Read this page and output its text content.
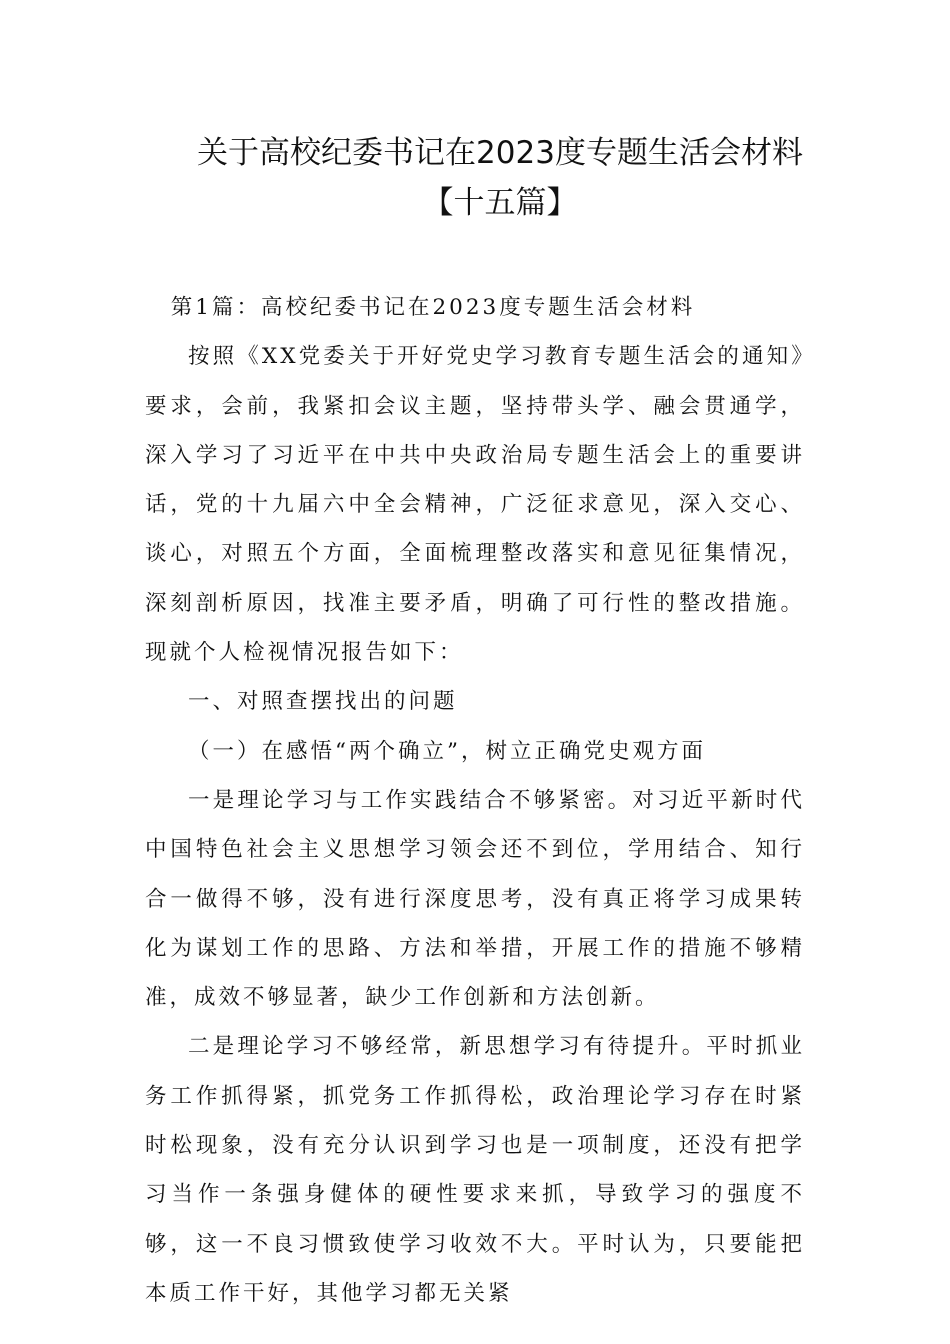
关于高校纪委书记在2023度专题生活会材料【十五篇】

第1篇：高校纪委书记在2023度专题生活会材料

按照《XX党委关于开好党史学习教育专题生活会的通知》要求，会前，我紧扣会议主题，坚持带头学、融会贯通学，深入学习了习近平在中共中央政治局专题生活会上的重要讲话，党的十九届六中全会精神，广泛征求意见，深入交心、谈心，对照五个方面，全面梳理整改落实和意见征集情况，深刻剖析原因，找准主要矛盾，明确了可行性的整改措施。现就个人检视情况报告如下：

一、对照查摆找出的问题

（一）在感悟“两个确立”，树立正确党史观方面

一是理论学习与工作实践结合不够紧密。对习近平新时代中国特色社会主义思想学习领会还不到位，学用结合、知行合一做得不够，没有进行深度思考，没有真正将学习成果转化为谋划工作的思路、方法和举措，开展工作的措施不够精准，成效不够显著，缺少工作创新和方法创新。

二是理论学习不够经常，新思想学习有待提升。平时抓业务工作抓得紧，抓党务工作抓得松，政治理论学习存在时紧时松现象，没有充分认识到学习也是一项制度，还没有把学习当作一条强身健体的硬性要求来抓，导致学习的强度不够，这一不良习惯致使学习收效不大。平时认为，只要能把本质工作干好，其他学习都无关紧
